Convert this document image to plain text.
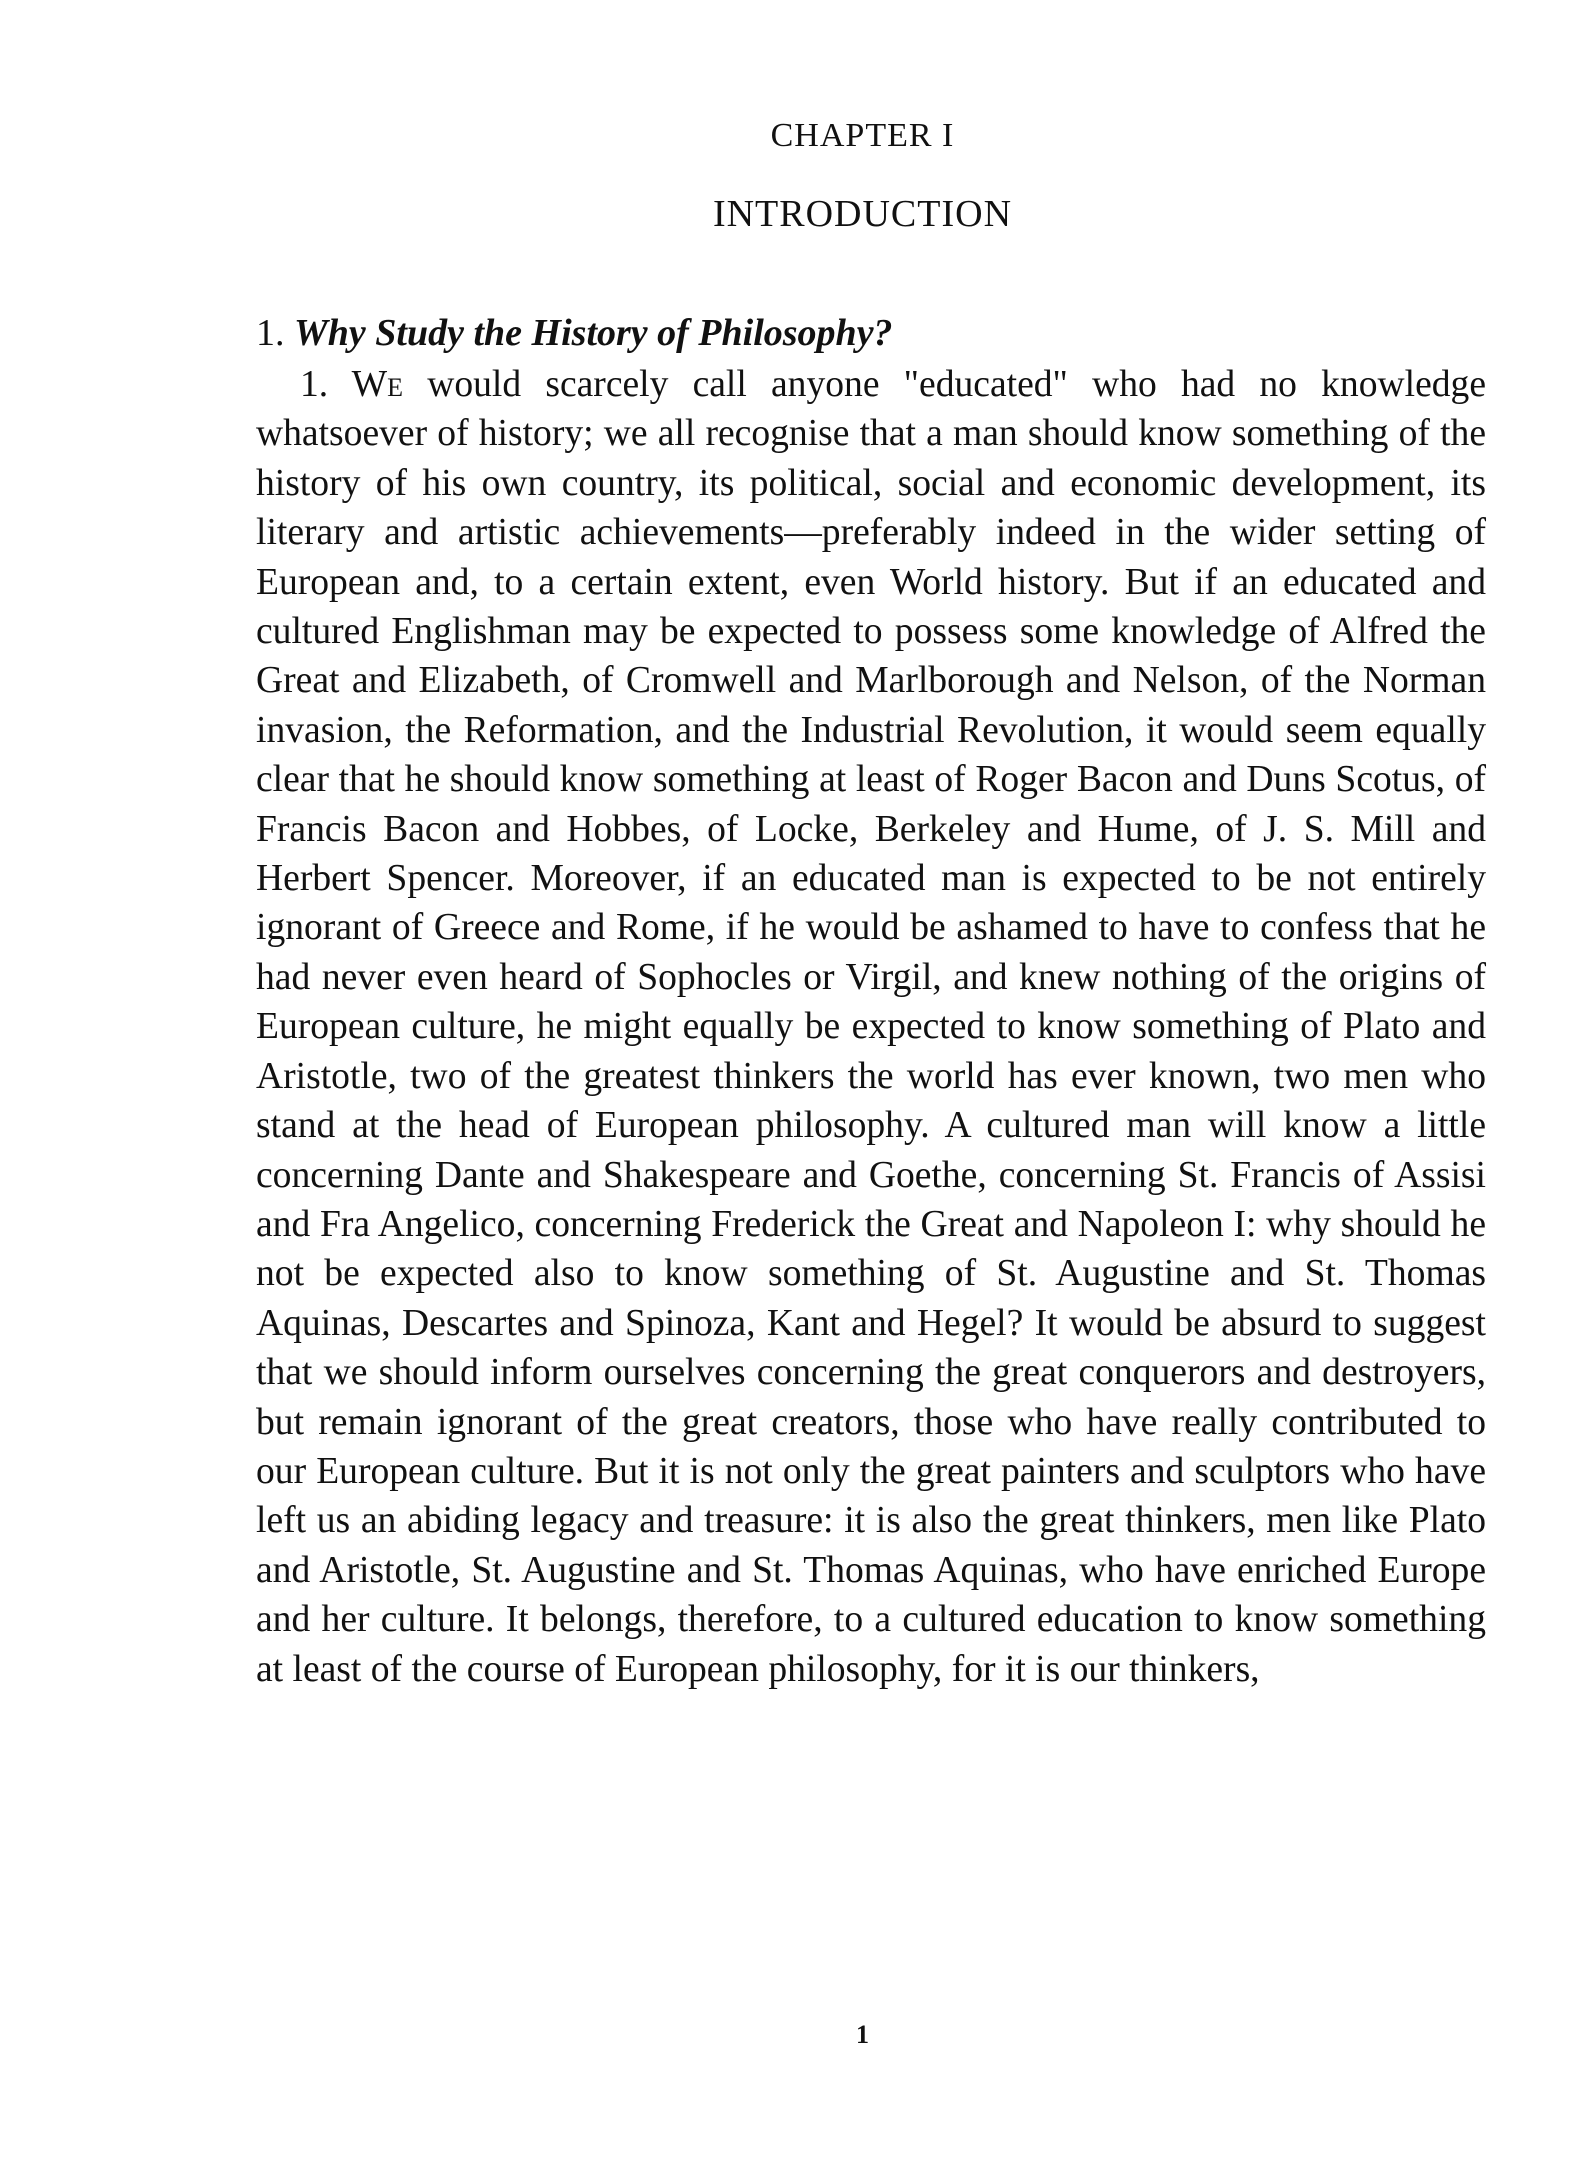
CHAPTER I
INTRODUCTION
1. Why Study the History of Philosophy?

1. We would scarcely call anyone "educated" who had no knowledge whatsoever of history; we all recognise that a man should know something of the history of his own country, its political, social and economic development, its literary and artistic achievements—preferably indeed in the wider setting of European and, to a certain extent, even World history. But if an educated and cultured Englishman may be expected to possess some knowledge of Alfred the Great and Elizabeth, of Cromwell and Marlborough and Nelson, of the Norman invasion, the Reformation, and the Industrial Revolution, it would seem equally clear that he should know something at least of Roger Bacon and Duns Scotus, of Francis Bacon and Hobbes, of Locke, Berkeley and Hume, of J. S. Mill and Herbert Spencer. Moreover, if an educated man is expected to be not entirely ignorant of Greece and Rome, if he would be ashamed to have to confess that he had never even heard of Sophocles or Virgil, and knew nothing of the origins of European culture, he might equally be expected to know something of Plato and Aristotle, two of the greatest thinkers the world has ever known, two men who stand at the head of European philosophy. A cultured man will know a little concerning Dante and Shakespeare and Goethe, concerning St. Francis of Assisi and Fra Angelico, concerning Frederick the Great and Napoleon I: why should he not be expected also to know something of St. Augustine and St. Thomas Aquinas, Descartes and Spinoza, Kant and Hegel? It would be absurd to suggest that we should inform ourselves concerning the great conquerors and destroyers, but remain ignorant of the great creators, those who have really contributed to our European culture. But it is not only the great painters and sculptors who have left us an abiding legacy and treasure: it is also the great thinkers, men like Plato and Aristotle, St. Augustine and St. Thomas Aquinas, who have enriched Europe and her culture. It belongs, therefore, to a cultured education to know something at least of the course of European philosophy, for it is our thinkers,

1
